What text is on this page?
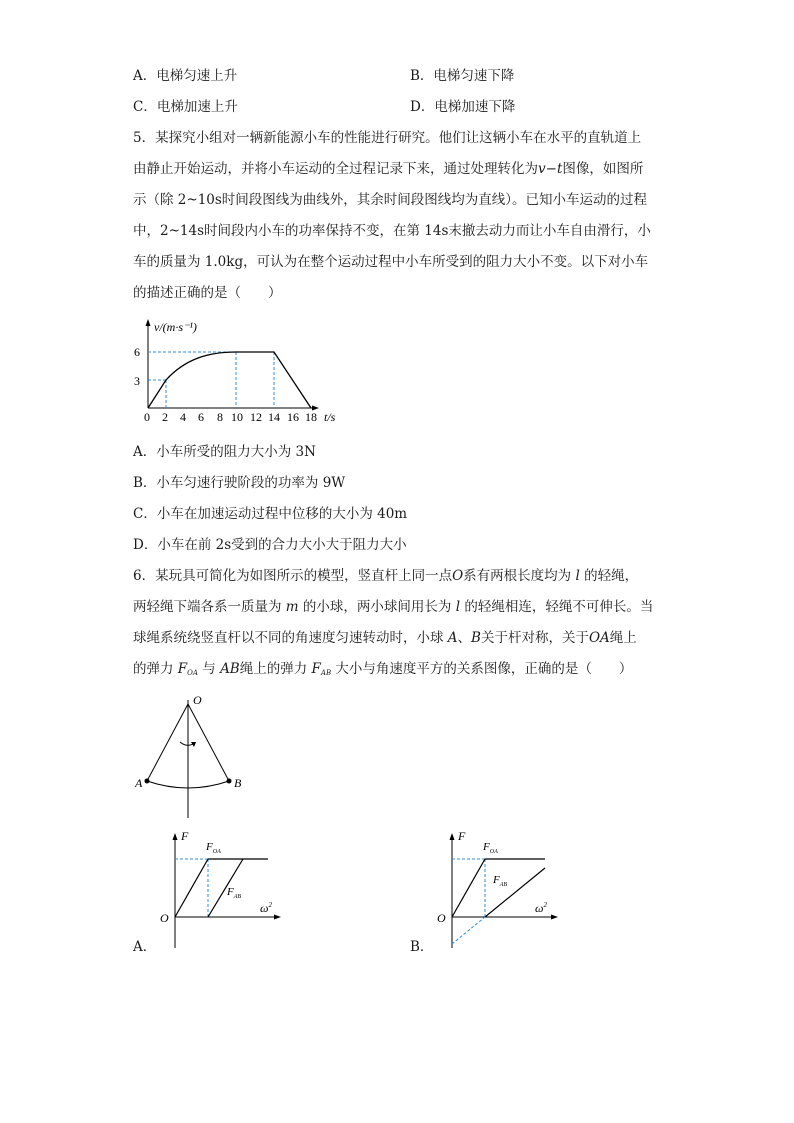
A．电梯匀速上升	B．电梯匀速下降
C．电梯加速上升	D．电梯加速下降
5．某探究小组对一辆新能源小车的性能进行研究。他们让这辆小车在水平的直轨道上
由静止开始运动，并将小车运动的全过程记录下来，通过处理转化为v−t图像，如图所
示（除 2~10s时间段图线为曲线外，其余时间段图线均为直线）。已知小车运动的过程
中，2~14s时间段内小车的功率保持不变，在第 14s末撤去动力而让小车自由滑行，小
车的质量为 1.0kg，可认为在整个运动过程中小车所受到的阻力大小不变。以下对小车
的描述正确的是（　　）
v/(m·s⁻¹)
6
3
0 2 4 6 8 10 12 14 16 18 t/s
A．小车所受的阻力大小为 3N
B．小车匀速行驶阶段的功率为 9W
C．小车在加速运动过程中位移的大小为 40m
D．小车在前 2s受到的合力大小大于阻力大小
6．某玩具可简化为如图所示的模型，竖直杆上同一点O系有两根长度均为 l 的轻绳，
两轻绳下端各系一质量为 m 的小球，两小球间用长为 l 的轻绳相连，轻绳不可伸长。当
球绳系统绕竖直杆以不同的角速度匀速转动时，小球 A、B关于杆对称，关于OA绳上
的弹力 $F_{OA}$ 与 AB绳上的弹力 $F_{AB}$ 大小与角速度平方的关系图像，正确的是（　　）
O
A	B
F
$F_{OA}$
$F_{AB}$
O
$\omega^2$
A．
F
$F_{OA}$
$F_{AB}$
O
$\omega^2$
B．
